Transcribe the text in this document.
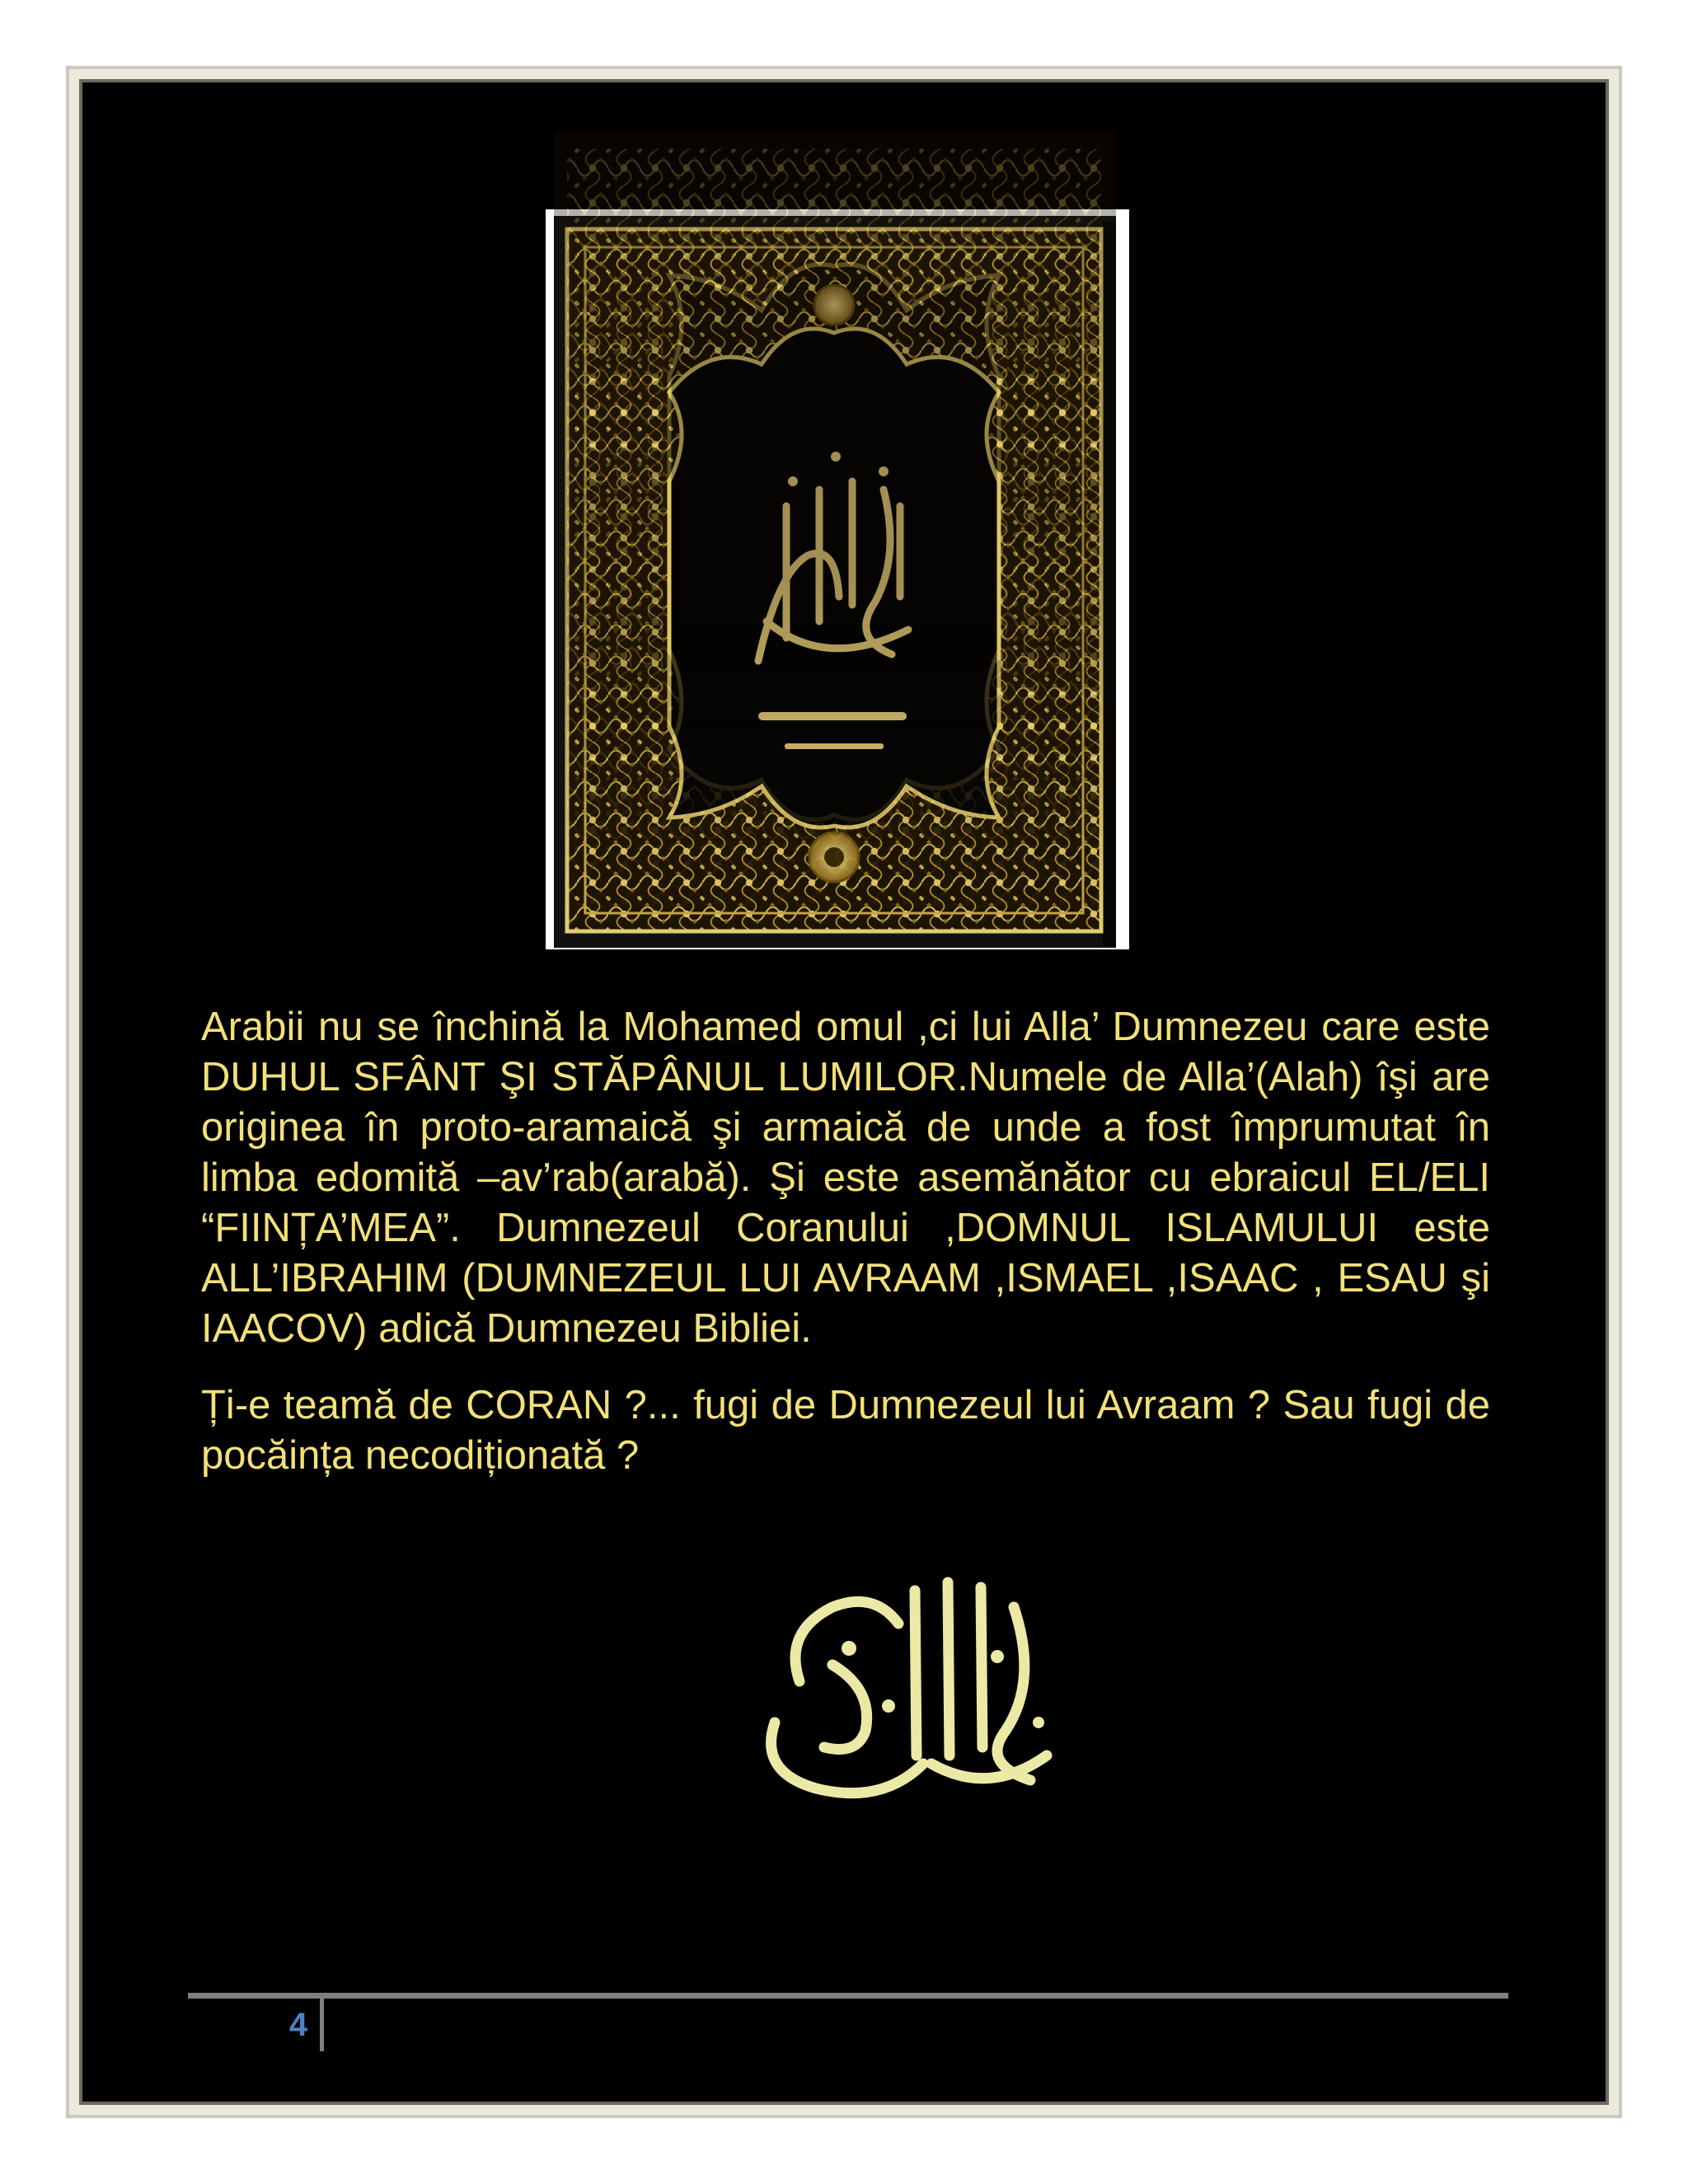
Arabii nu se închină la Mohamed omul ,ci lui Alla’ Dumnezeu care este DUHUL SFÂNT ŞI STĂPÂNUL LUMILOR.Numele de Alla’(Alah) îşi are originea în proto-aramaică şi armaică de unde a fost împrumutat în limba edomită –av’rab(arabă). Şi este asemănător cu ebraicul EL/ELI “FIINȚA’MEA”. Dumnezeul Coranului ,DOMNUL ISLAMULUI este ALL’IBRAHIM (DUMNEZEUL LUI AVRAAM ,ISMAEL ,ISAAC , ESAU şi IAACOV) adică Dumnezeu Bibliei.

Ți-e teamă de CORAN ?... fugi de Dumnezeul lui Avraam ? Sau fugi de pocăința necodiționată ?

4
